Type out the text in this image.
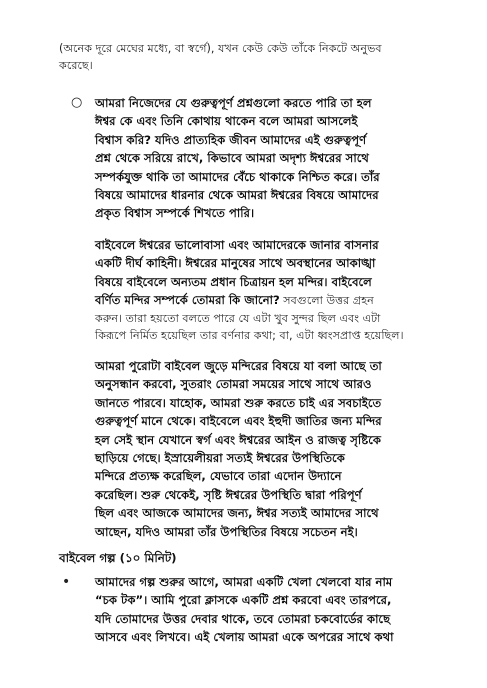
(অনেক দূরে মেঘের মধ্যে, বা স্বর্গে), যখন কেউ কেউ তাঁকে নিকটে অনুভব
করেছে।
○ আমরা নিজেদের যে গুরুত্বপূর্ণ প্রশ্নগুলো করতে পারি তা হল
ঈশ্বর কে এবং তিনি কোথায় থাকেন বলে আমরা আসলেই
বিশ্বাস করি? যদিও প্রাত্যহিক জীবন আমাদের এই গুরুত্বপূর্ণ
প্রশ্ন থেকে সরিয়ে রাখে, কিভাবে আমরা অদৃশ্য ঈশ্বরের সাথে
সম্পর্কযুক্ত থাকি তা আমাদের বেঁচে থাকাকে নিশ্চিত করে। তাঁর
বিষয়ে আমাদের ধারনার থেকে আমরা ঈশ্বরের বিষয়ে আমাদের
প্রকৃত বিশ্বাস সম্পর্কে শিখতে পারি।
বাইবেলে ঈশ্বরের ভালোবাসা এবং আমাদেরকে জানার বাসনার
একটি দীর্ঘ কাহিনী। ঈশ্বরের মানুষের সাথে অবস্থানের আকাঙ্খা
বিষয়ে বাইবেলে অন্যতম প্রধান চিত্রায়ন হল মন্দির। বাইবেলে
বর্ণিত মন্দির সম্পর্কে তোমরা কি জানো? সবগুলো উত্তর গ্রহন
করুন। তারা হয়তো বলতে পারে যে এটা খুব সুন্দর ছিল এবং এটা
কিরূপে নির্মিত হয়েছিল তার বর্ণনার কথা; বা, এটা ধ্বংসপ্রাপ্ত হয়েছিল।
আমরা পুরোটা বাইবেল জুড়ে মন্দিরের বিষয়ে যা বলা আছে তা
অনুসন্ধান করবো, সুতরাং তোমরা সময়ের সাথে সাথে আরও
জানতে পারবে। যাহোক, আমরা শুরু করতে চাই এর সবচাইতে
গুরুত্বপূর্ণ মানে থেকে। বাইবেলে এবং ইহুদী জাতির জন্য মন্দির
হল সেই স্থান যেখানে স্বর্গ এবং ঈশ্বরের আইন ও রাজত্ব সৃষ্টিকে
ছাড়িয়ে গেছে। ইস্রায়েলীয়রা সত্যই ঈশ্বরের উপস্থিতিকে
মন্দিরে প্রত্যক্ষ করেছিল, যেভাবে তারা এদোন উদ্যানে
করেছিল। শুরু থেকেই, সৃষ্টি ঈশ্বরের উপস্থিতি দ্বারা পরিপূর্ণ
ছিল এবং আজকে আমাদের জন্য, ঈশ্বর সত্যই আমাদের সাথে
আছেন, যদিও আমরা তাঁর উপস্থিতির বিষয়ে সচেতন নই।
বাইবেল গল্প (১০ মিনিট)
• আমাদের গল্প শুরুর আগে, আমরা একটি খেলা খেলবো যার নাম
“চক টক”। আমি পুরো ক্লাসকে একটি প্রশ্ন করবো এবং তারপরে,
যদি তোমাদের উত্তর দেবার থাকে, তবে তোমরা চকবোর্ডের কাছে
আসবে এবং লিখবে। এই খেলায় আমরা একে অপরের সাথে কথা
